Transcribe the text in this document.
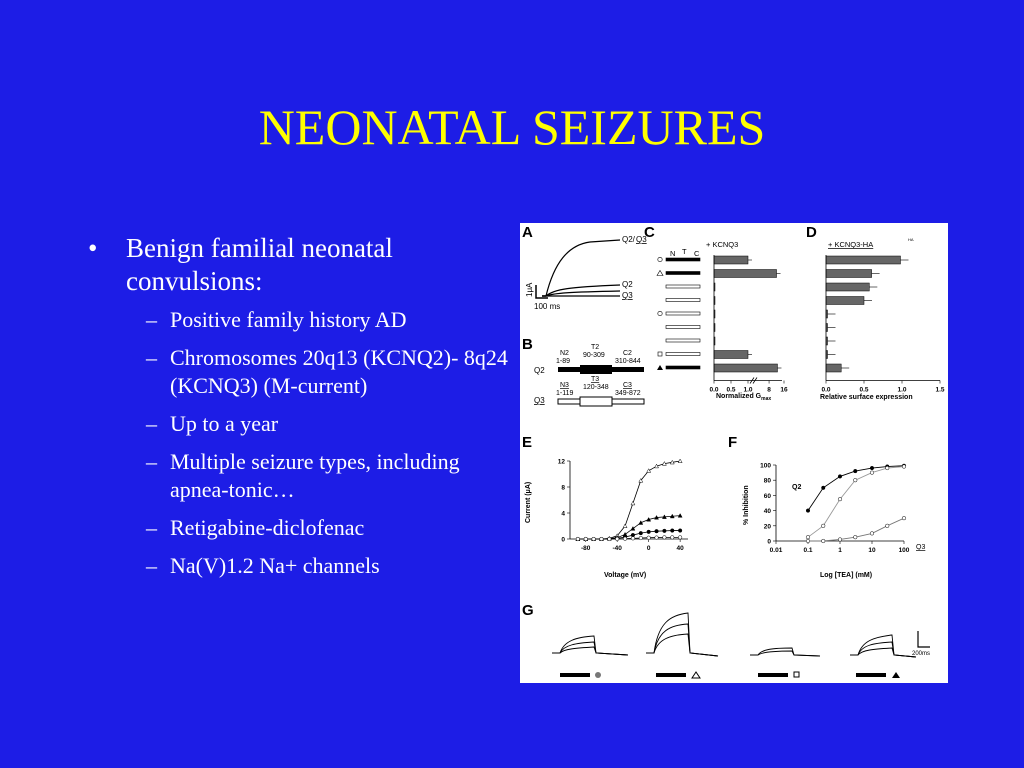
NEONATAL SEIZURES
• Benign familial neonatal convulsions:
– Positive family history AD
– Chromosomes 20q13 (KCNQ2)- 8q24 (KCNQ3) (M-current)
– Up to a year
– Multiple seizure types, including apnea-tonic…
– Retigabine-diclofenac
– Na(V)1.2 Na+ channels
A
B
C	D
E	F
G
Q2/ Q3
Q2
Q3
1μA
100 ms
N2
1-89
T2
90-309	C2
310-844
Q2
N3
1-119
T3
120-348 C3
349-872
Q3
+ KCNQ3
N T C
Normalized $G_{max}$
0.0 0.5 1.0 8 16
+ KCNQ3-HA
HA
Relative surface expression
0.0	0.5	1.0	1.5
Voltage (mV)
Current (μA)
0
4
8
12
-80	-40	0	40
Log [TEA] (mM)
% Inhibition	Q2
Q3
0
20
40
60
80
100
0.01	0.1	1	10	100
200ms
